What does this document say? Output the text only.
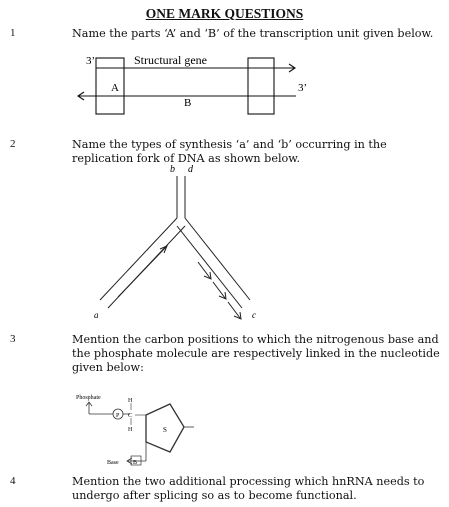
ONE MARK QUESTIONS
1	Name the parts ‘A’ and ‘B’ of the transcription unit given below.
3’	Structural gene
A
B
3’
2	Name the types of synthesis ‘a’ and ‘b’ occurring in the replication fork of DNA as shown below.
b d
a	c
3	Mention the carbon positions to which the nitrogenous base and the phosphate molecule are respectively linked in the nucleotide given below:
Phosphate
P
H
C
H	S
Base B
4	Mention the two additional processing which hnRNA needs to undergo after splicing so as to become functional.
